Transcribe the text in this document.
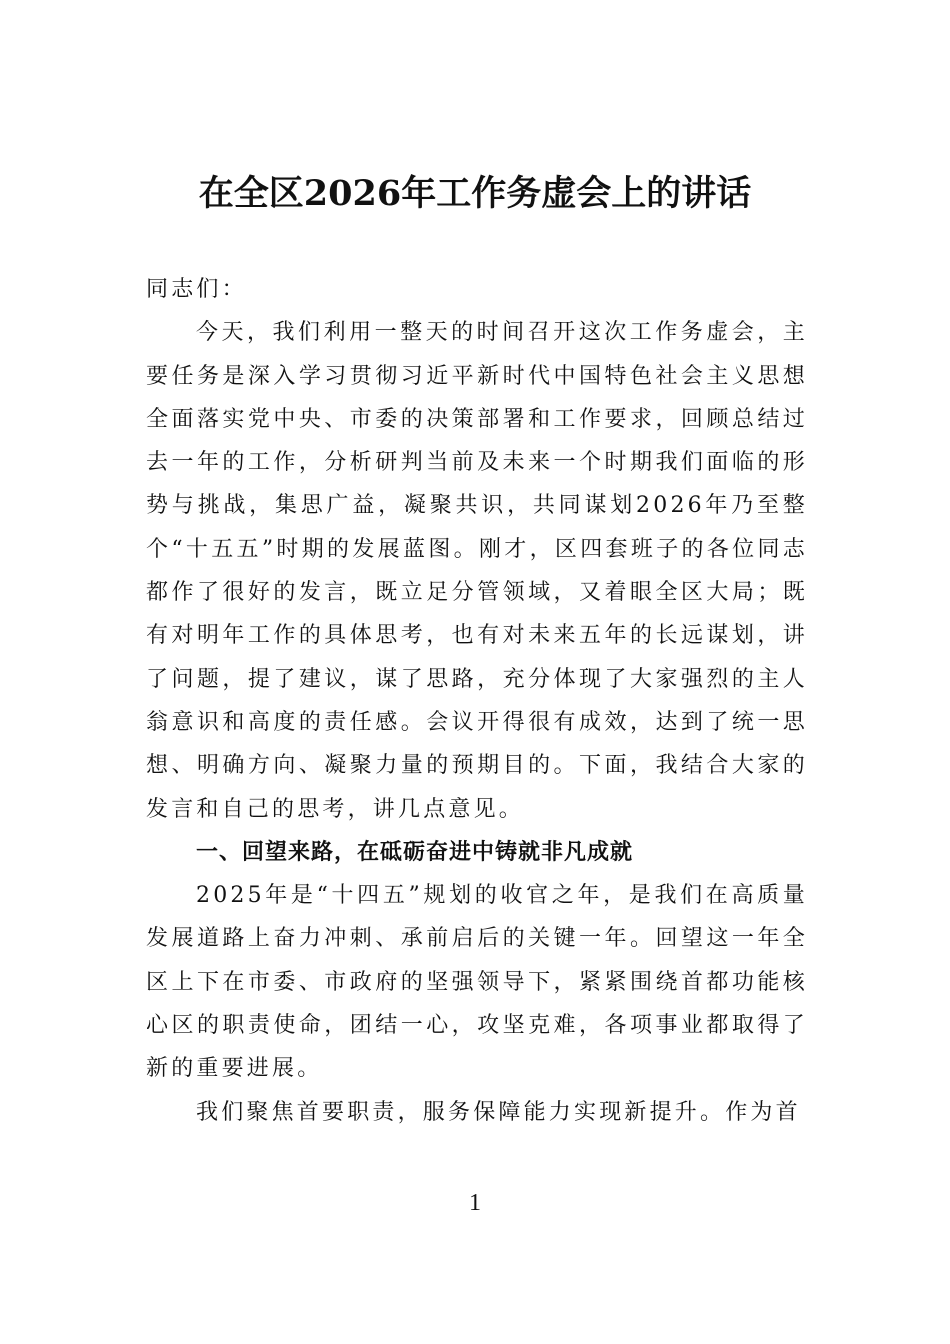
在全区2026年工作务虚会上的讲话

同志们：

今天，我们利用一整天的时间召开这次工作务虚会，主要任务是深入学习贯彻习近平新时代中国特色社会主义思想全面落实党中央、市委的决策部署和工作要求，回顾总结过去一年的工作，分析研判当前及未来一个时期我们面临的形势与挑战，集思广益，凝聚共识，共同谋划2026年乃至整个“十五五”时期的发展蓝图。刚才，区四套班子的各位同志都作了很好的发言，既立足分管领域，又着眼全区大局；既有对明年工作的具体思考，也有对未来五年的长远谋划，讲了问题，提了建议，谋了思路，充分体现了大家强烈的主人翁意识和高度的责任感。会议开得很有成效，达到了统一思想、明确方向、凝聚力量的预期目的。下面，我结合大家的发言和自己的思考，讲几点意见。

一、回望来路，在砥砺奋进中铸就非凡成就

2025年是“十四五”规划的收官之年，是我们在高质量发展道路上奋力冲刺、承前启后的关键一年。回望这一年全区上下在市委、市政府的坚强领导下，紧紧围绕首都功能核心区的职责使命，团结一心，攻坚克难，各项事业都取得了新的重要进展。

我们聚焦首要职责，服务保障能力实现新提升。作为首

1
